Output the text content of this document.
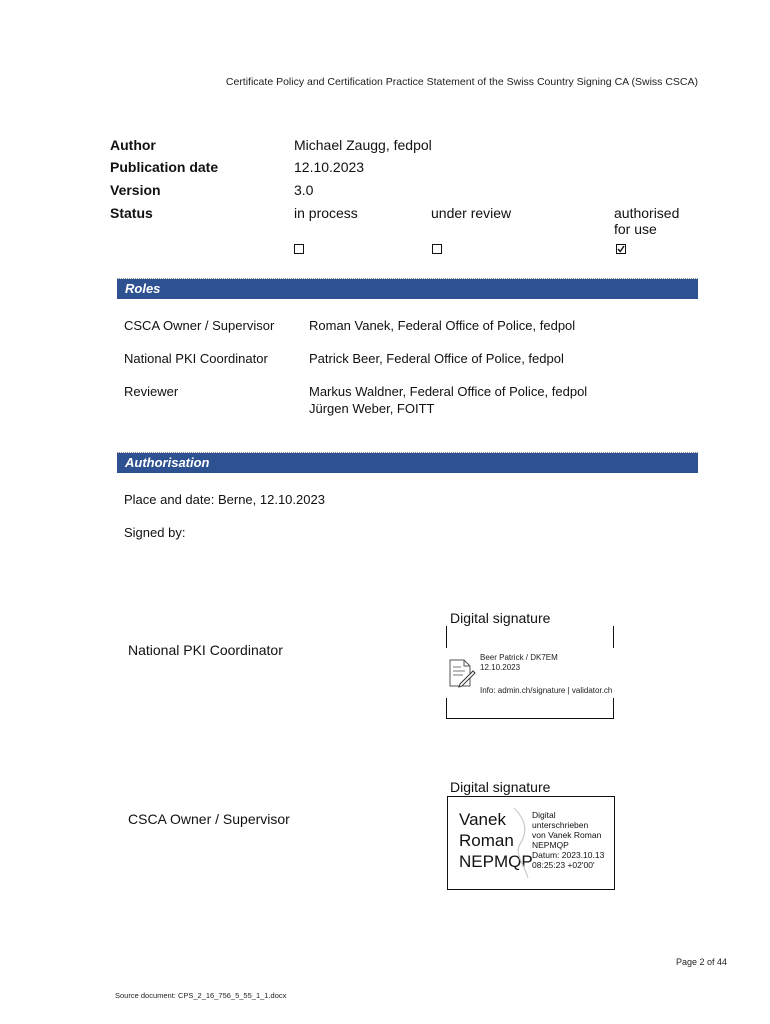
Certificate Policy and Certification Practice Statement of the Swiss Country Signing CA (Swiss CSCA)
Author	Michael Zaugg, fedpol
Publication date	12.10.2023
Version	3.0
Status	in process	under review	authorised
for use
Roles
CSCA Owner / Supervisor	Roman Vanek, Federal Office of Police, fedpol
National PKI Coordinator	Patrick Beer, Federal Office of Police, fedpol
Reviewer	Markus Waldner, Federal Office of Police, fedpol
Jürgen Weber, FOITT
Authorisation
Place and date: Berne, 12.10.2023
Signed by:
Digital signature
National PKI Coordinator	Beer Patrick / DK7EM
12.10.2023
Info: admin.ch/signature | validator.ch
Digital signature
CSCA Owner / Supervisor	Vanek
Roman
NEPMQP
Digital
unterschrieben
von Vanek Roman
NEPMQP
Datum: 2023.10.13
08:25:23 +02'00'
Page 2 of 44
Source document: CPS_2_16_756_5_55_1_1.docx
